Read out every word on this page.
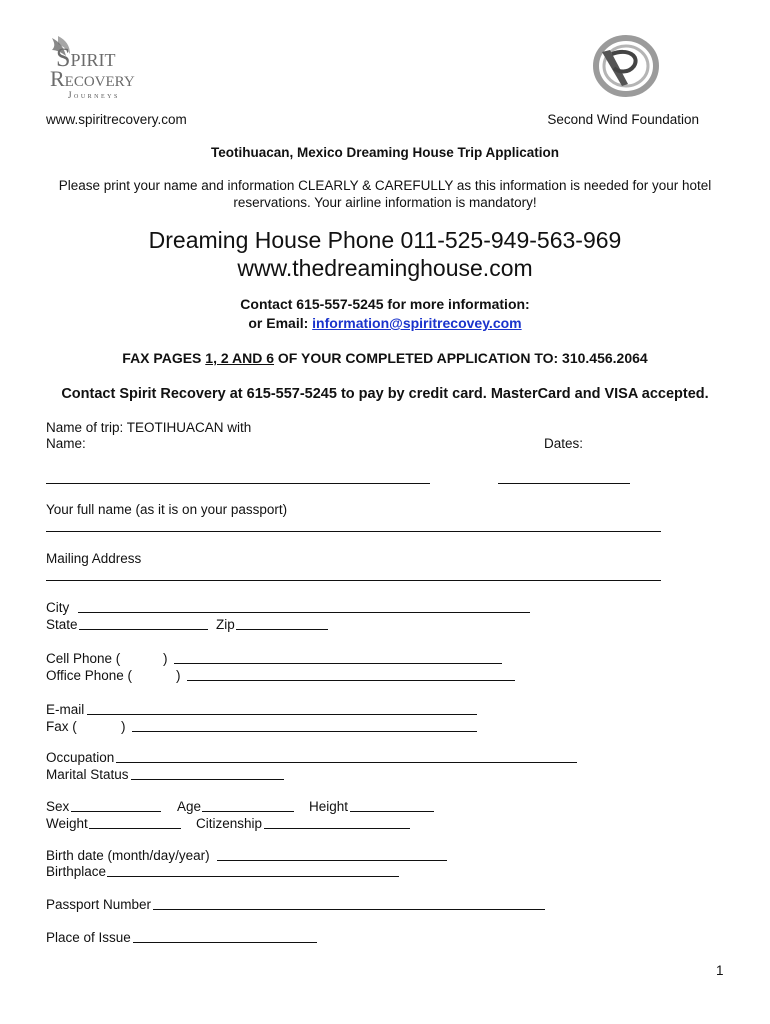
Spirit
Recovery
Journeys
www.spiritrecovery.com	Second Wind Foundation
Teotihuacan, Mexico Dreaming House Trip Application
Please print your name and information CLEARLY & CAREFULLY as this information is needed for your hotel
reservations. Your airline information is mandatory!
Dreaming House Phone 011-525-949-563-969
www.thedreaminghouse.com
Contact 615-557-5245 for more information:
or Email: information@spiritrecovey.com
FAX PAGES 1, 2 AND 6 OF YOUR COMPLETED APPLICATION TO: 310.456.2064
Contact Spirit Recovery at 615-557-5245 to pay by credit card. MasterCard and VISA accepted.
Name of trip: TEOTIHUACAN with
Name:	Dates:
Your full name (as it is on your passport)
Mailing Address
City
State	Zip
Cell Phone (	)
Office Phone (	)
E-mail
Fax (	)
Occupation
Marital Status
Sex	Age	Height
Weight	Citizenship
Birth date (month/day/year)
Birthplace
Passport Number
Place of Issue
1
